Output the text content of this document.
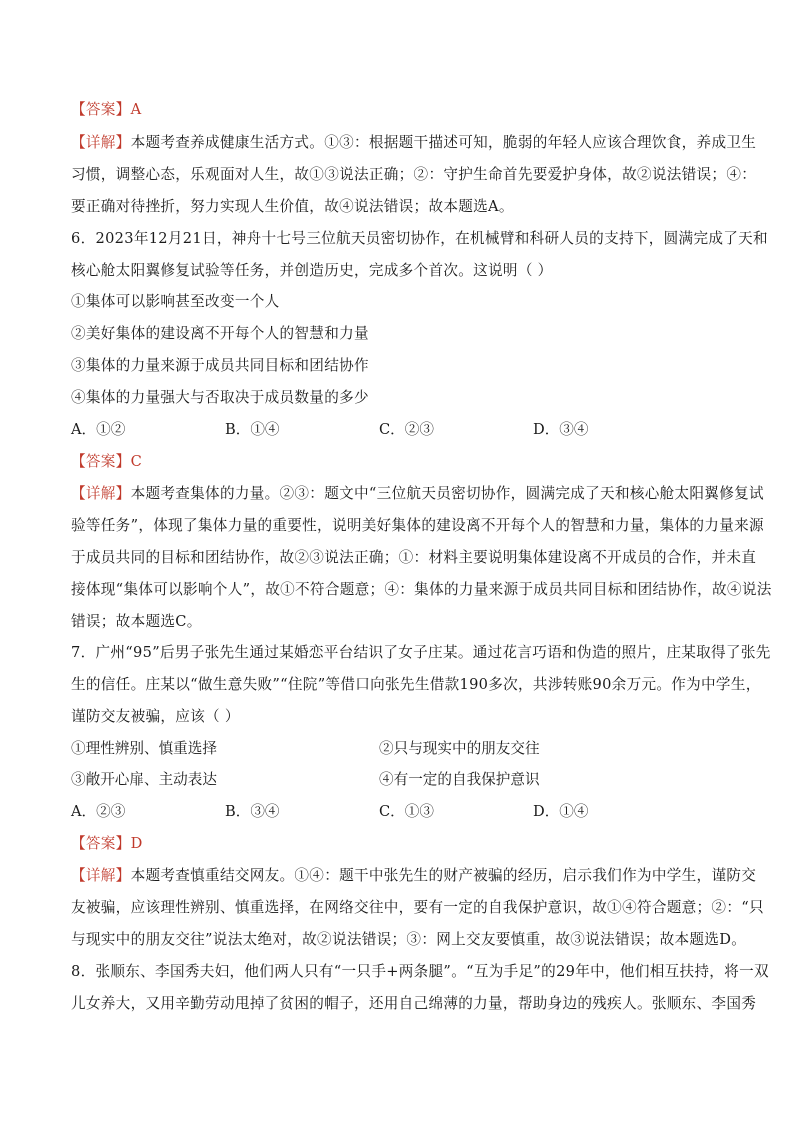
【答案】A
【详解】本题考查养成健康生活方式。①③：根据题干描述可知，脆弱的年轻人应该合理饮食，养成卫生
习惯，调整心态，乐观面对人生，故①③说法正确；②：守护生命首先要爱护身体，故②说法错误；④：
要正确对待挫折，努力实现人生价值，故④说法错误；故本题选A。
6．2023年12月21日，神舟十七号三位航天员密切协作，在机械臂和科研人员的支持下，圆满完成了天和
核心舱太阳翼修复试验等任务，并创造历史，完成多个首次。这说明（ ）
①集体可以影响甚至改变一个人
②美好集体的建设离不开每个人的智慧和力量
③集体的力量来源于成员共同目标和团结协作
④集体的力量强大与否取决于成员数量的多少
A．①②	B．①④	C．②③	D．③④
【答案】C
【详解】本题考查集体的力量。②③：题文中“三位航天员密切协作，圆满完成了天和核心舱太阳翼修复试
验等任务”，体现了集体力量的重要性，说明美好集体的建设离不开每个人的智慧和力量，集体的力量来源
于成员共同的目标和团结协作，故②③说法正确；①：材料主要说明集体建设离不开成员的合作，并未直
接体现“集体可以影响个人”，故①不符合题意；④：集体的力量来源于成员共同目标和团结协作，故④说法
错误；故本题选C。
7．广州“95”后男子张先生通过某婚恋平台结识了女子庄某。通过花言巧语和伪造的照片，庄某取得了张先
生的信任。庄某以“做生意失败”“住院”等借口向张先生借款190多次，共涉转账90余万元。作为中学生，
谨防交友被骗，应该（ ）
①理性辨别、慎重选择	②只与现实中的朋友交往
③敞开心扉、主动表达	④有一定的自我保护意识
A．②③	B．③④	C．①③	D．①④
【答案】D
【详解】本题考查慎重结交网友。①④：题干中张先生的财产被骗的经历，启示我们作为中学生，谨防交
友被骗，应该理性辨别、慎重选择，在网络交往中，要有一定的自我保护意识，故①④符合题意；②：“只
与现实中的朋友交往”说法太绝对，故②说法错误；③：网上交友要慎重，故③说法错误；故本题选D。
8．张顺东、李国秀夫妇，他们两人只有“一只手+两条腿”。“互为手足”的29年中，他们相互扶持，将一双
儿女养大，又用辛勤劳动甩掉了贫困的帽子，还用自己绵薄的力量，帮助身边的残疾人。张顺东、李国秀
